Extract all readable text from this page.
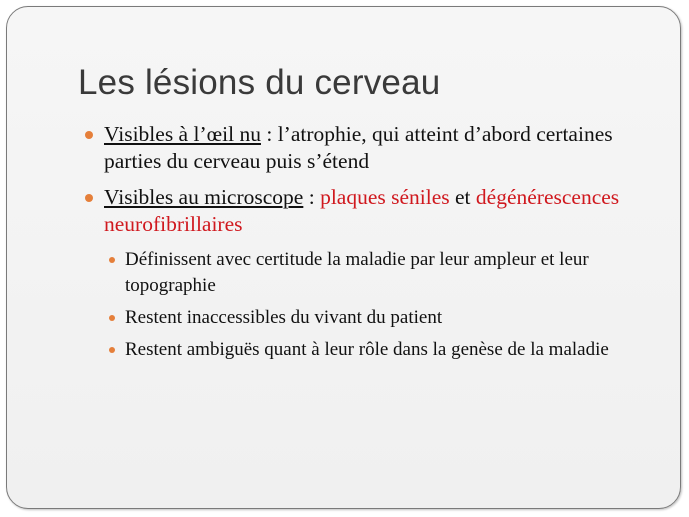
Les lésions du cerveau
Visibles à l’œil nu : l’atrophie, qui atteint d’abord certaines parties du cerveau puis s’étend
Visibles au microscope : plaques séniles et dégénérescences neurofibrillaires
Définissent avec certitude la maladie par leur ampleur et leur topographie
Restent inaccessibles du vivant du patient
Restent ambiguës quant à leur rôle dans la genèse de la maladie
